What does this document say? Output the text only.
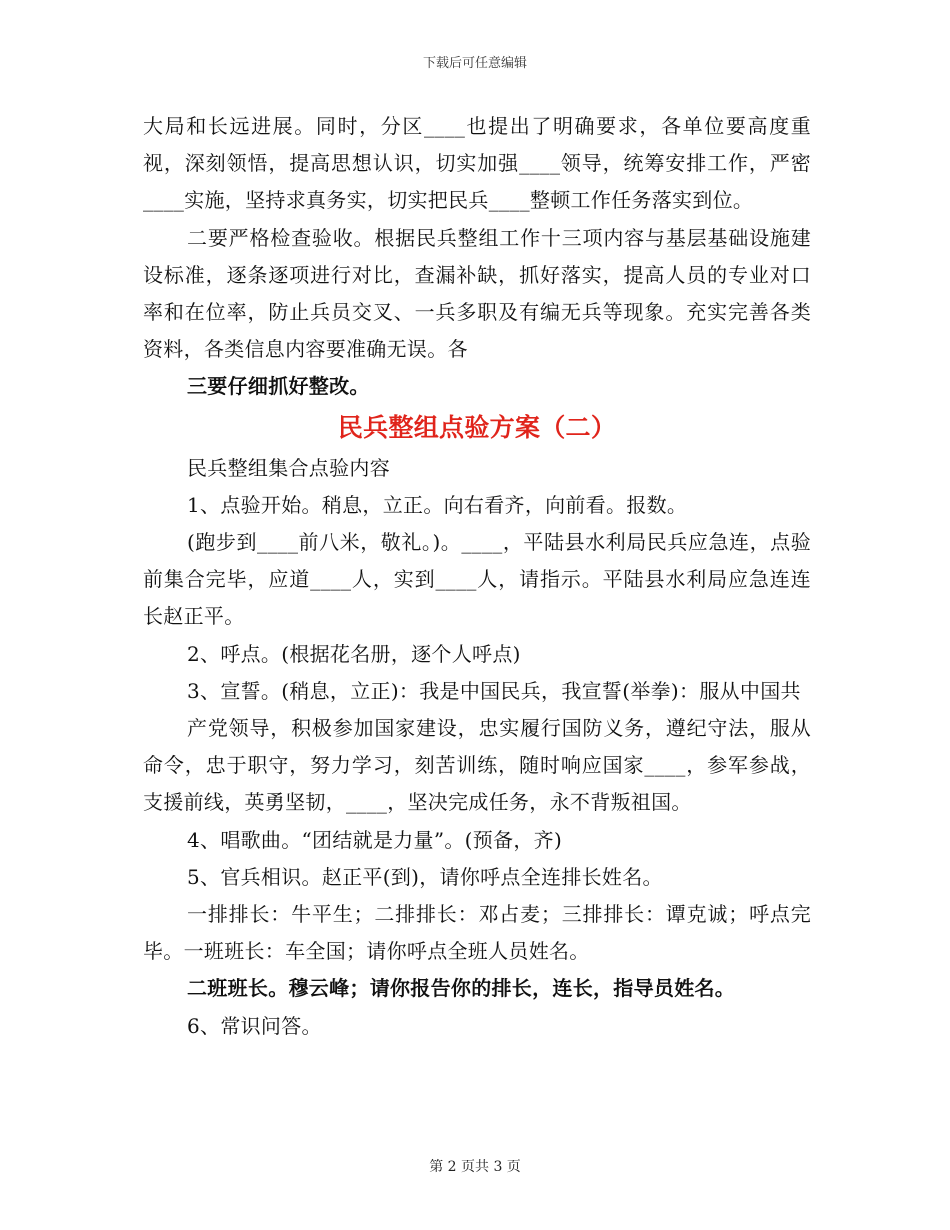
下载后可任意编辑

大局和长远进展。同时，分区____也提出了明确要求，各单位要高度重视，深刻领悟，提高思想认识，切实加强____领导，统筹安排工作，严密____实施，坚持求真务实，切实把民兵____整顿工作任务落实到位。

二要严格检查验收。根据民兵整组工作十三项内容与基层基础设施建设标准，逐条逐项进行对比，查漏补缺，抓好落实，提高人员的专业对口率和在位率，防止兵员交叉、一兵多职及有编无兵等现象。充实完善各类资料，各类信息内容要准确无误。各

三要仔细抓好整改。

民兵整组点验方案（二）

民兵整组集合点验内容

1、点验开始。稍息，立正。向右看齐，向前看。报数。

(跑步到____前八米，敬礼。)。____，平陆县水利局民兵应急连，点验前集合完毕，应道____人，实到____人，请指示。平陆县水利局应急连连长赵正平。

2、呼点。(根据花名册，逐个人呼点)

3、宣誓。(稍息，立正)：我是中国民兵，我宣誓(举拳)：服从中国共

产党领导，积极参加国家建设，忠实履行国防义务，遵纪守法，服从命令，忠于职守，努力学习，刻苦训练，随时响应国家____，参军参战，支援前线，英勇坚韧，____，坚决完成任务，永不背叛祖国。

4、唱歌曲。“团结就是力量”。(预备，齐)

5、官兵相识。赵正平(到)，请你呼点全连排长姓名。

一排排长：牛平生；二排排长：邓占麦；三排排长：谭克诚；呼点完毕。一班班长：车全国；请你呼点全班人员姓名。

二班班长。穆云峰；请你报告你的排长，连长，指导员姓名。

6、常识问答。

第 2 页共 3 页
